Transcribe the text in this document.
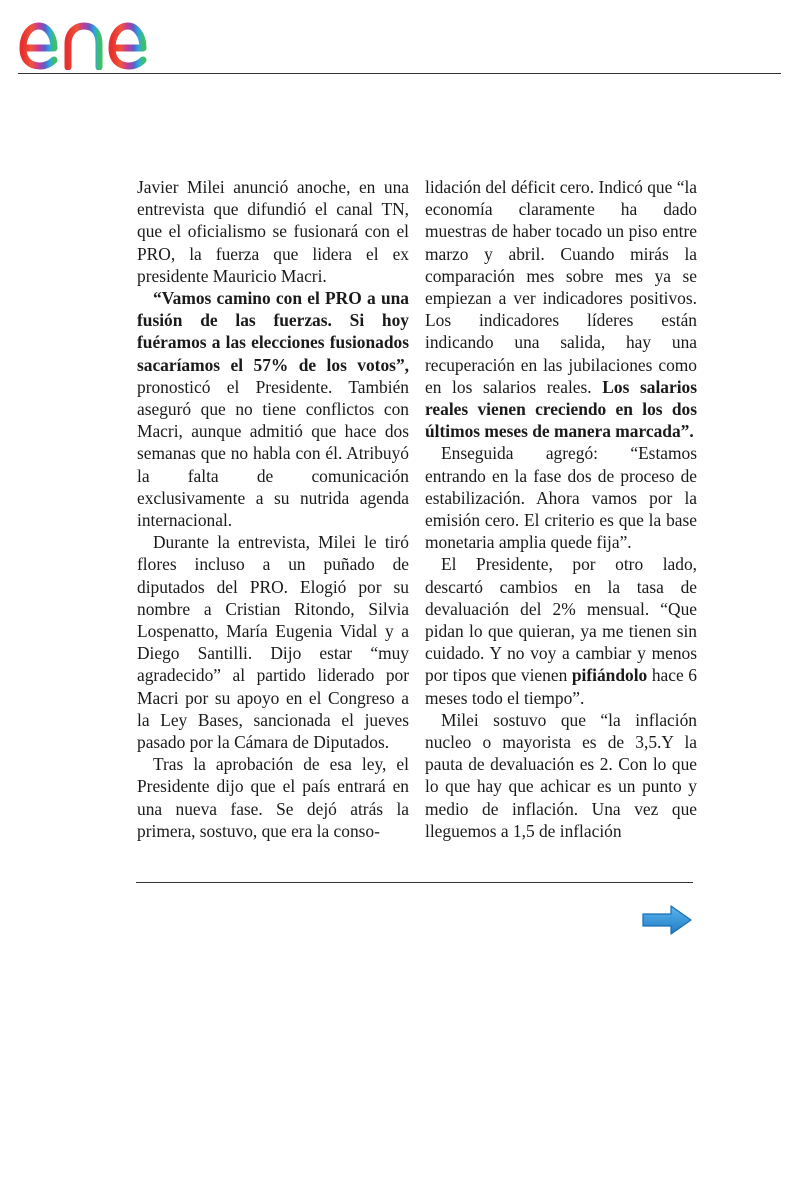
Javier Milei anunció anoche, en una entrevista que difundió el canal TN, que el oficialismo se fusionará con el PRO, la fuerza que lidera el ex presidente Mauricio Macri.

“Vamos camino con el PRO a una fusión de las fuerzas. Si hoy fuéramos a las elecciones fusionados sacaríamos el 57% de los votos”, pronosticó el Presidente. También aseguró que no tiene conflictos con Macri, aunque admitió que hace dos semanas que no habla con él. Atribuyó la falta de comunicación exclusivamente a su nutrida agenda internacional.

Durante la entrevista, Milei le tiró flores incluso a un puñado de diputados del PRO. Elogió por su nombre a Cristian Ritondo, Silvia Lospenatto, María Eugenia Vidal y a Diego Santilli. Dijo estar “muy agradecido” al partido liderado por Macri por su apoyo en el Congreso a la Ley Bases, sancionada el jueves pasado por la Cámara de Diputados.

Tras la aprobación de esa ley, el Presidente dijo que el país entrará en una nueva fase. Se dejó atrás la primera, sostuvo, que era la conso-

lidación del déficit cero. Indicó que “la economía claramente ha dado muestras de haber tocado un piso entre marzo y abril. Cuando mirás la comparación mes sobre mes ya se empiezan a ver indicadores positivos. Los indicadores líderes están indicando una salida, hay una recuperación en las jubilaciones como en los salarios reales. Los salarios reales vienen creciendo en los dos últimos meses de manera marcada”.

Enseguida agregó: “Estamos entrando en la fase dos de proceso de estabilización. Ahora vamos por la emisión cero. El criterio es que la base monetaria amplia quede fija”.

El Presidente, por otro lado, descartó cambios en la tasa de devaluación del 2% mensual. “Que pidan lo que quieran, ya me tienen sin cuidado. Y no voy a cambiar y menos por tipos que vienen pifiándolo hace 6 meses todo el tiempo”.

Milei sostuvo que “la inflación nucleo o mayorista es de 3,5.Y la pauta de devaluación es 2. Con lo que lo que hay que achicar es un punto y medio de inflación. Una vez que lleguemos a 1,5 de inflación
